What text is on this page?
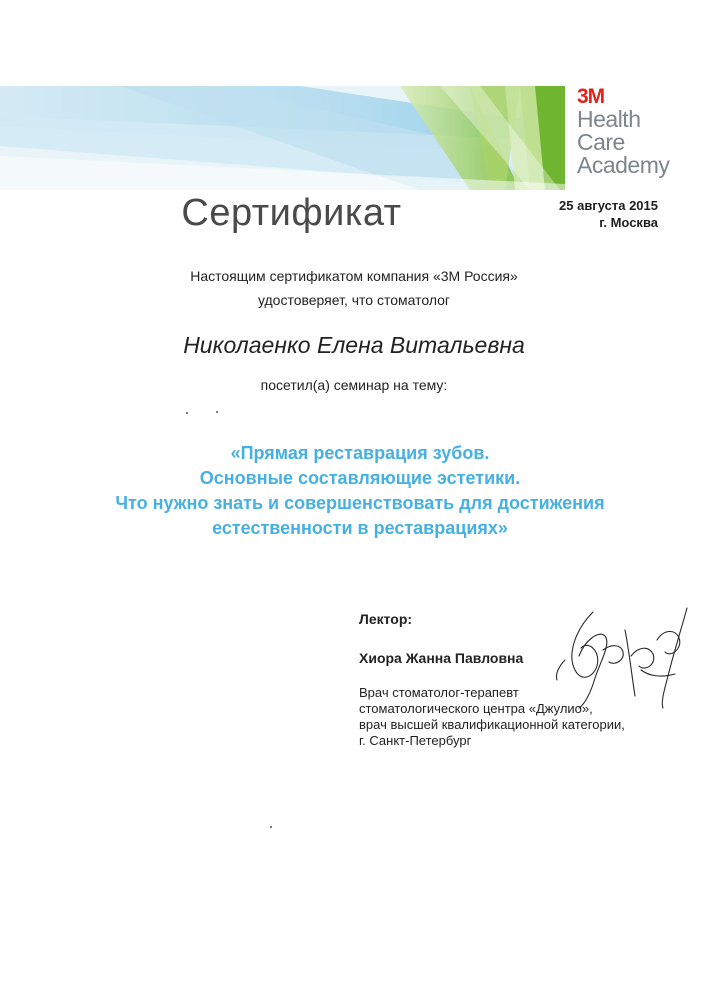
3M
Health
Care
Academy
25 августа 2015
г. Москва
Сертификат
Настоящим сертификатом компания «3М Россия»
удостоверяет, что стоматолог
Николаенко Елена Витальевна
посетил(а) семинар на тему:
«Прямая реставрация зубов.
Основные составляющие эстетики.
Что нужно знать и совершенствовать для достижения
естественности в реставрациях»
Лектор:
Хиора Жанна Павловна
Врач стоматолог-терапевт
стоматологического центра «Джулио»,
врач высшей квалификационной категории,
г. Санкт-Петербург
